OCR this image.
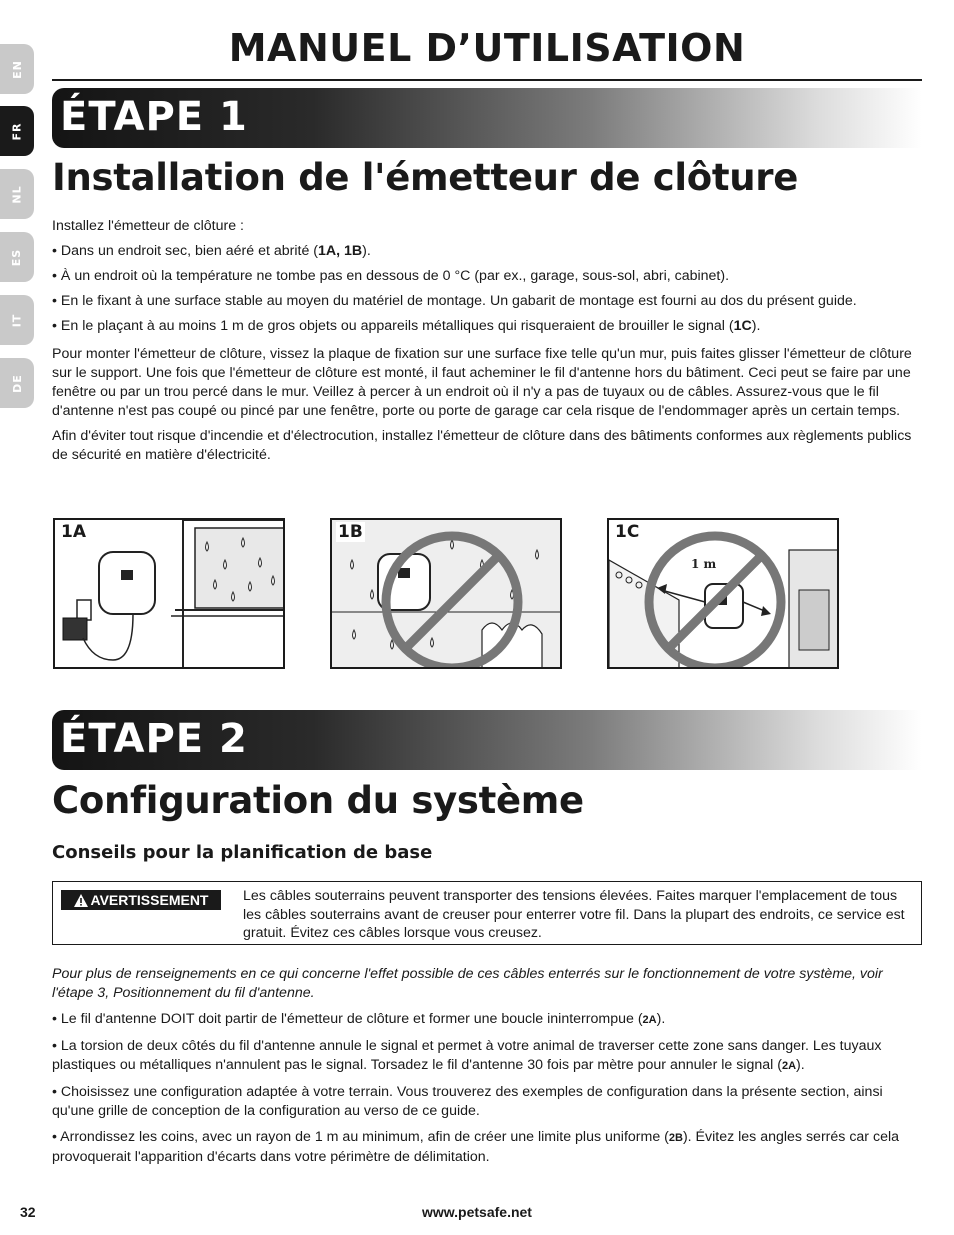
EN
FR
NL
ES
IT
DE
MANUEL D’UTILISATION
ÉTAPE 1
Installation de l'émetteur de clôture

Installez l'émetteur de clôture :

• Dans un endroit sec, bien aéré et abrité (1A, 1B).

• À un endroit où la température ne tombe pas en dessous de 0 °C (par ex., garage, sous-sol, abri, cabinet).

• En le fixant à une surface stable au moyen du matériel de montage. Un gabarit de montage est fourni au dos du présent guide.

• En le plaçant à au moins 1 m de gros objets ou appareils métalliques qui risqueraient de brouiller le signal (1C).

Pour monter l'émetteur de clôture, vissez la plaque de fixation sur une surface fixe telle qu'un mur, puis faites glisser l'émetteur de clôture sur le support. Une fois que l'émetteur de clôture est monté, il faut acheminer le fil d'antenne hors du bâtiment. Ceci peut se faire par une fenêtre ou par un trou percé dans le mur. Veillez à percer à un endroit où il n'y a pas de tuyaux ou de câbles. Assurez-vous que le fil d'antenne n'est pas coupé ou pincé par une fenêtre, porte ou porte de garage car cela risque de l'endommager après un certain temps.

Afin d'éviter tout risque d'incendie et d'électrocution, installez l'émetteur de clôture dans des bâtiments conformes aux règlements publics de sécurité en matière d'électricité.

1A	1B	1C
1 m
ÉTAPE 2
Configuration du système
Conseils pour la planification de base
AVERTISSEMENT Les câbles souterrains peuvent transporter des tensions élevées. Faites marquer l'emplacement de tous les câbles souterrains avant de creuser pour enterrer votre fil. Dans la plupart des endroits, ce service est gratuit. Évitez ces câbles lorsque vous creusez.

Pour plus de renseignements en ce qui concerne l'effet possible de ces câbles enterrés sur le fonctionnement de votre système, voir l'étape 3, Positionnement du fil d'antenne.

• Le fil d'antenne DOIT doit partir de l'émetteur de clôture et former une boucle ininterrompue (2A).

• La torsion de deux côtés du fil d'antenne annule le signal et permet à votre animal de traverser cette zone sans danger. Les tuyaux plastiques ou métalliques n'annulent pas le signal. Torsadez le fil d'antenne 30 fois par mètre pour annuler le signal (2A).

• Choisissez une configuration adaptée à votre terrain. Vous trouverez des exemples de configuration dans la présente section, ainsi qu'une grille de conception de la configuration au verso de ce guide.

• Arrondissez les coins, avec un rayon de 1 m au minimum, afin de créer une limite plus uniforme (2B). Évitez les angles serrés car cela provoquerait l'apparition d'écarts dans votre périmètre de délimitation.

32	www.petsafe.net
